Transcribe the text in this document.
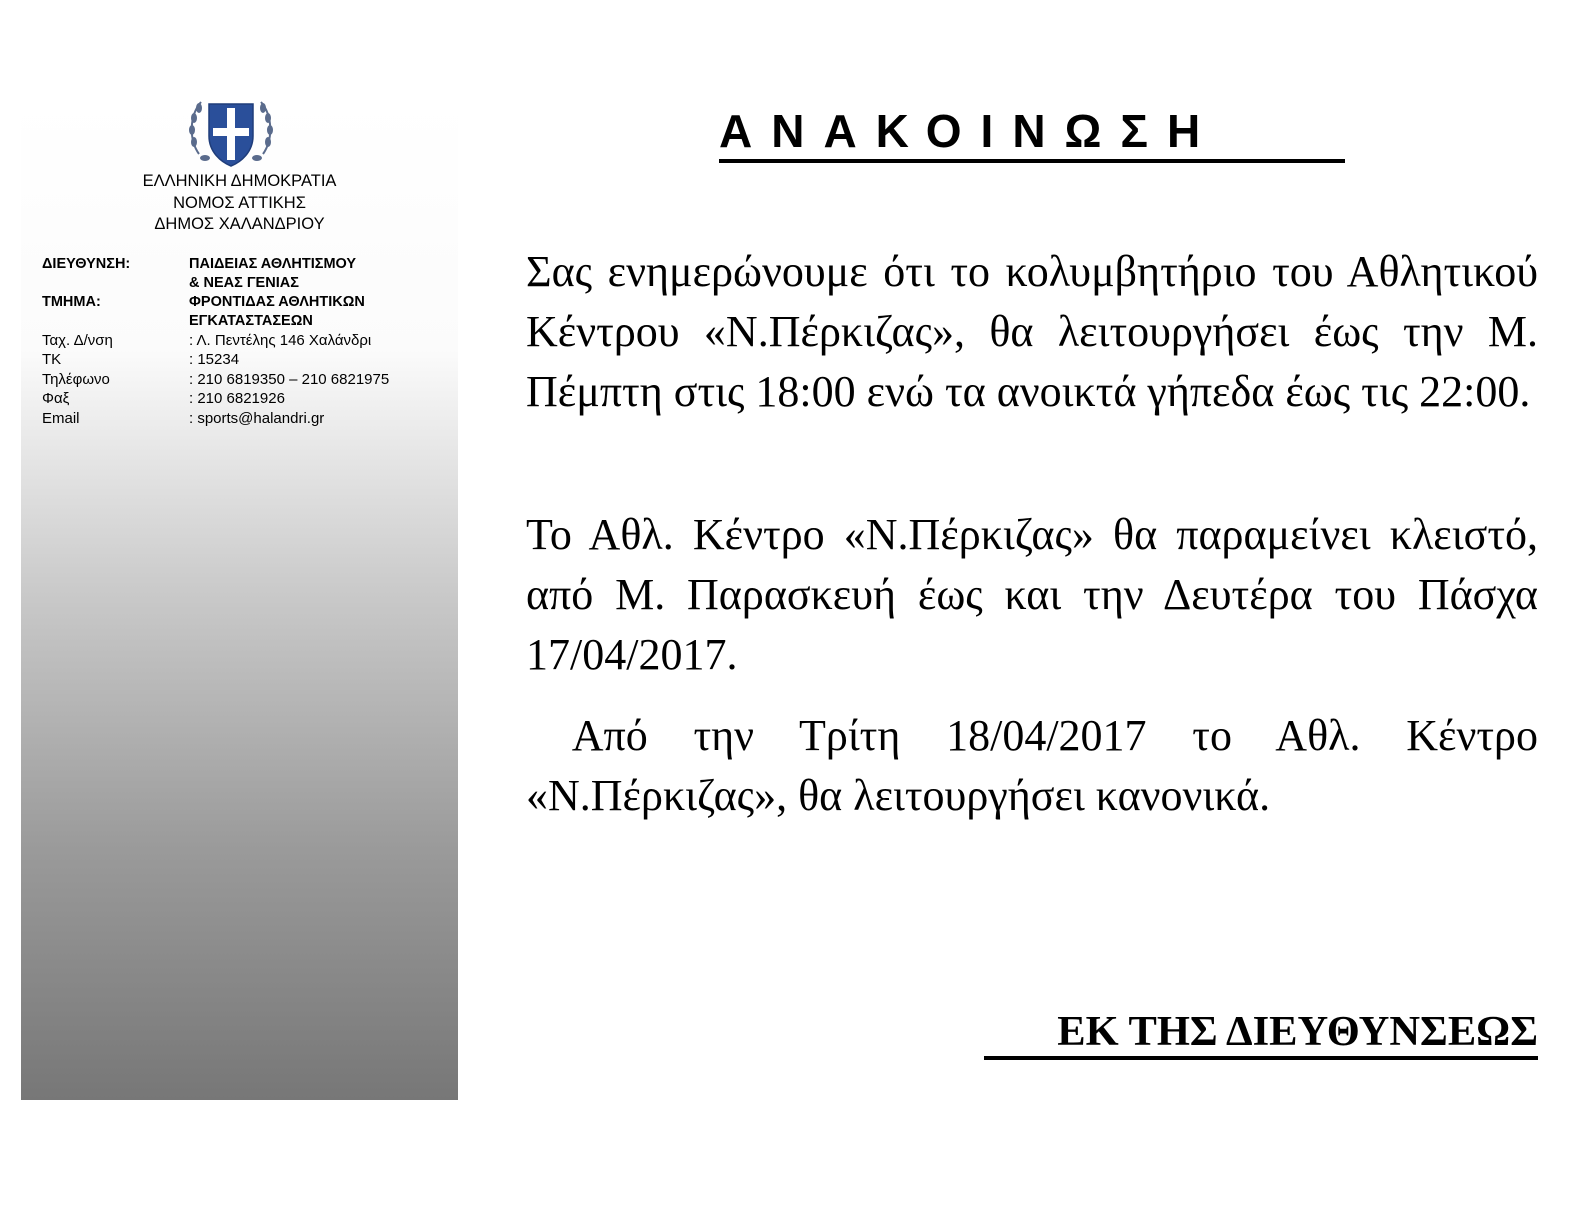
ΕΛΛΗΝΙΚΗ ΔΗΜΟΚΡΑΤΙΑ
ΝΟΜΟΣ ΑΤΤΙΚΗΣ
ΔΗΜΟΣ ΧΑΛΑΝΔΡΙΟΥ
ΔΙΕΥΘΥΝΣΗ:	ΠΑΙΔΕΙΑΣ ΑΘΛΗΤΙΣΜΟΥ
& ΝΕΑΣ ΓΕΝΙΑΣ
ΤΜΗΜΑ:	ΦΡΟΝΤΙΔΑΣ ΑΘΛΗΤΙΚΩΝ
ΕΓΚΑΤΑΣΤΑΣΕΩΝ
Ταχ. Δ/νση	: Λ. Πεντέλης 146 Χαλάνδρι
ΤΚ	: 15234
Τηλέφωνο	: 210 6819350 – 210 6821975
Φαξ	: 210 6821926
Email	: sports@halandri.gr
ΑΝΑΚΟΙΝΩΣΗ
Σας ενημερώνουμε ότι το κολυμβητήριο του Αθλητικού Κέντρου «Ν.Πέρκιζας», θα λειτουργήσει έως την Μ. Πέμπτη στις 18:00 ενώ τα ανοικτά γήπεδα έως τις 22:00.
Το Αθλ. Κέντρο «Ν.Πέρκιζας» θα παραμείνει κλειστό, από Μ. Παρασκευή έως και την Δευτέρα του Πάσχα 17/04/2017.
Από την Τρίτη 18/04/2017 το Αθλ. Κέντρο «Ν.Πέρκιζας», θα λειτουργήσει κανονικά.
ΕΚ ΤΗΣ ΔΙΕΥΘΥΝΣΕΩΣ
